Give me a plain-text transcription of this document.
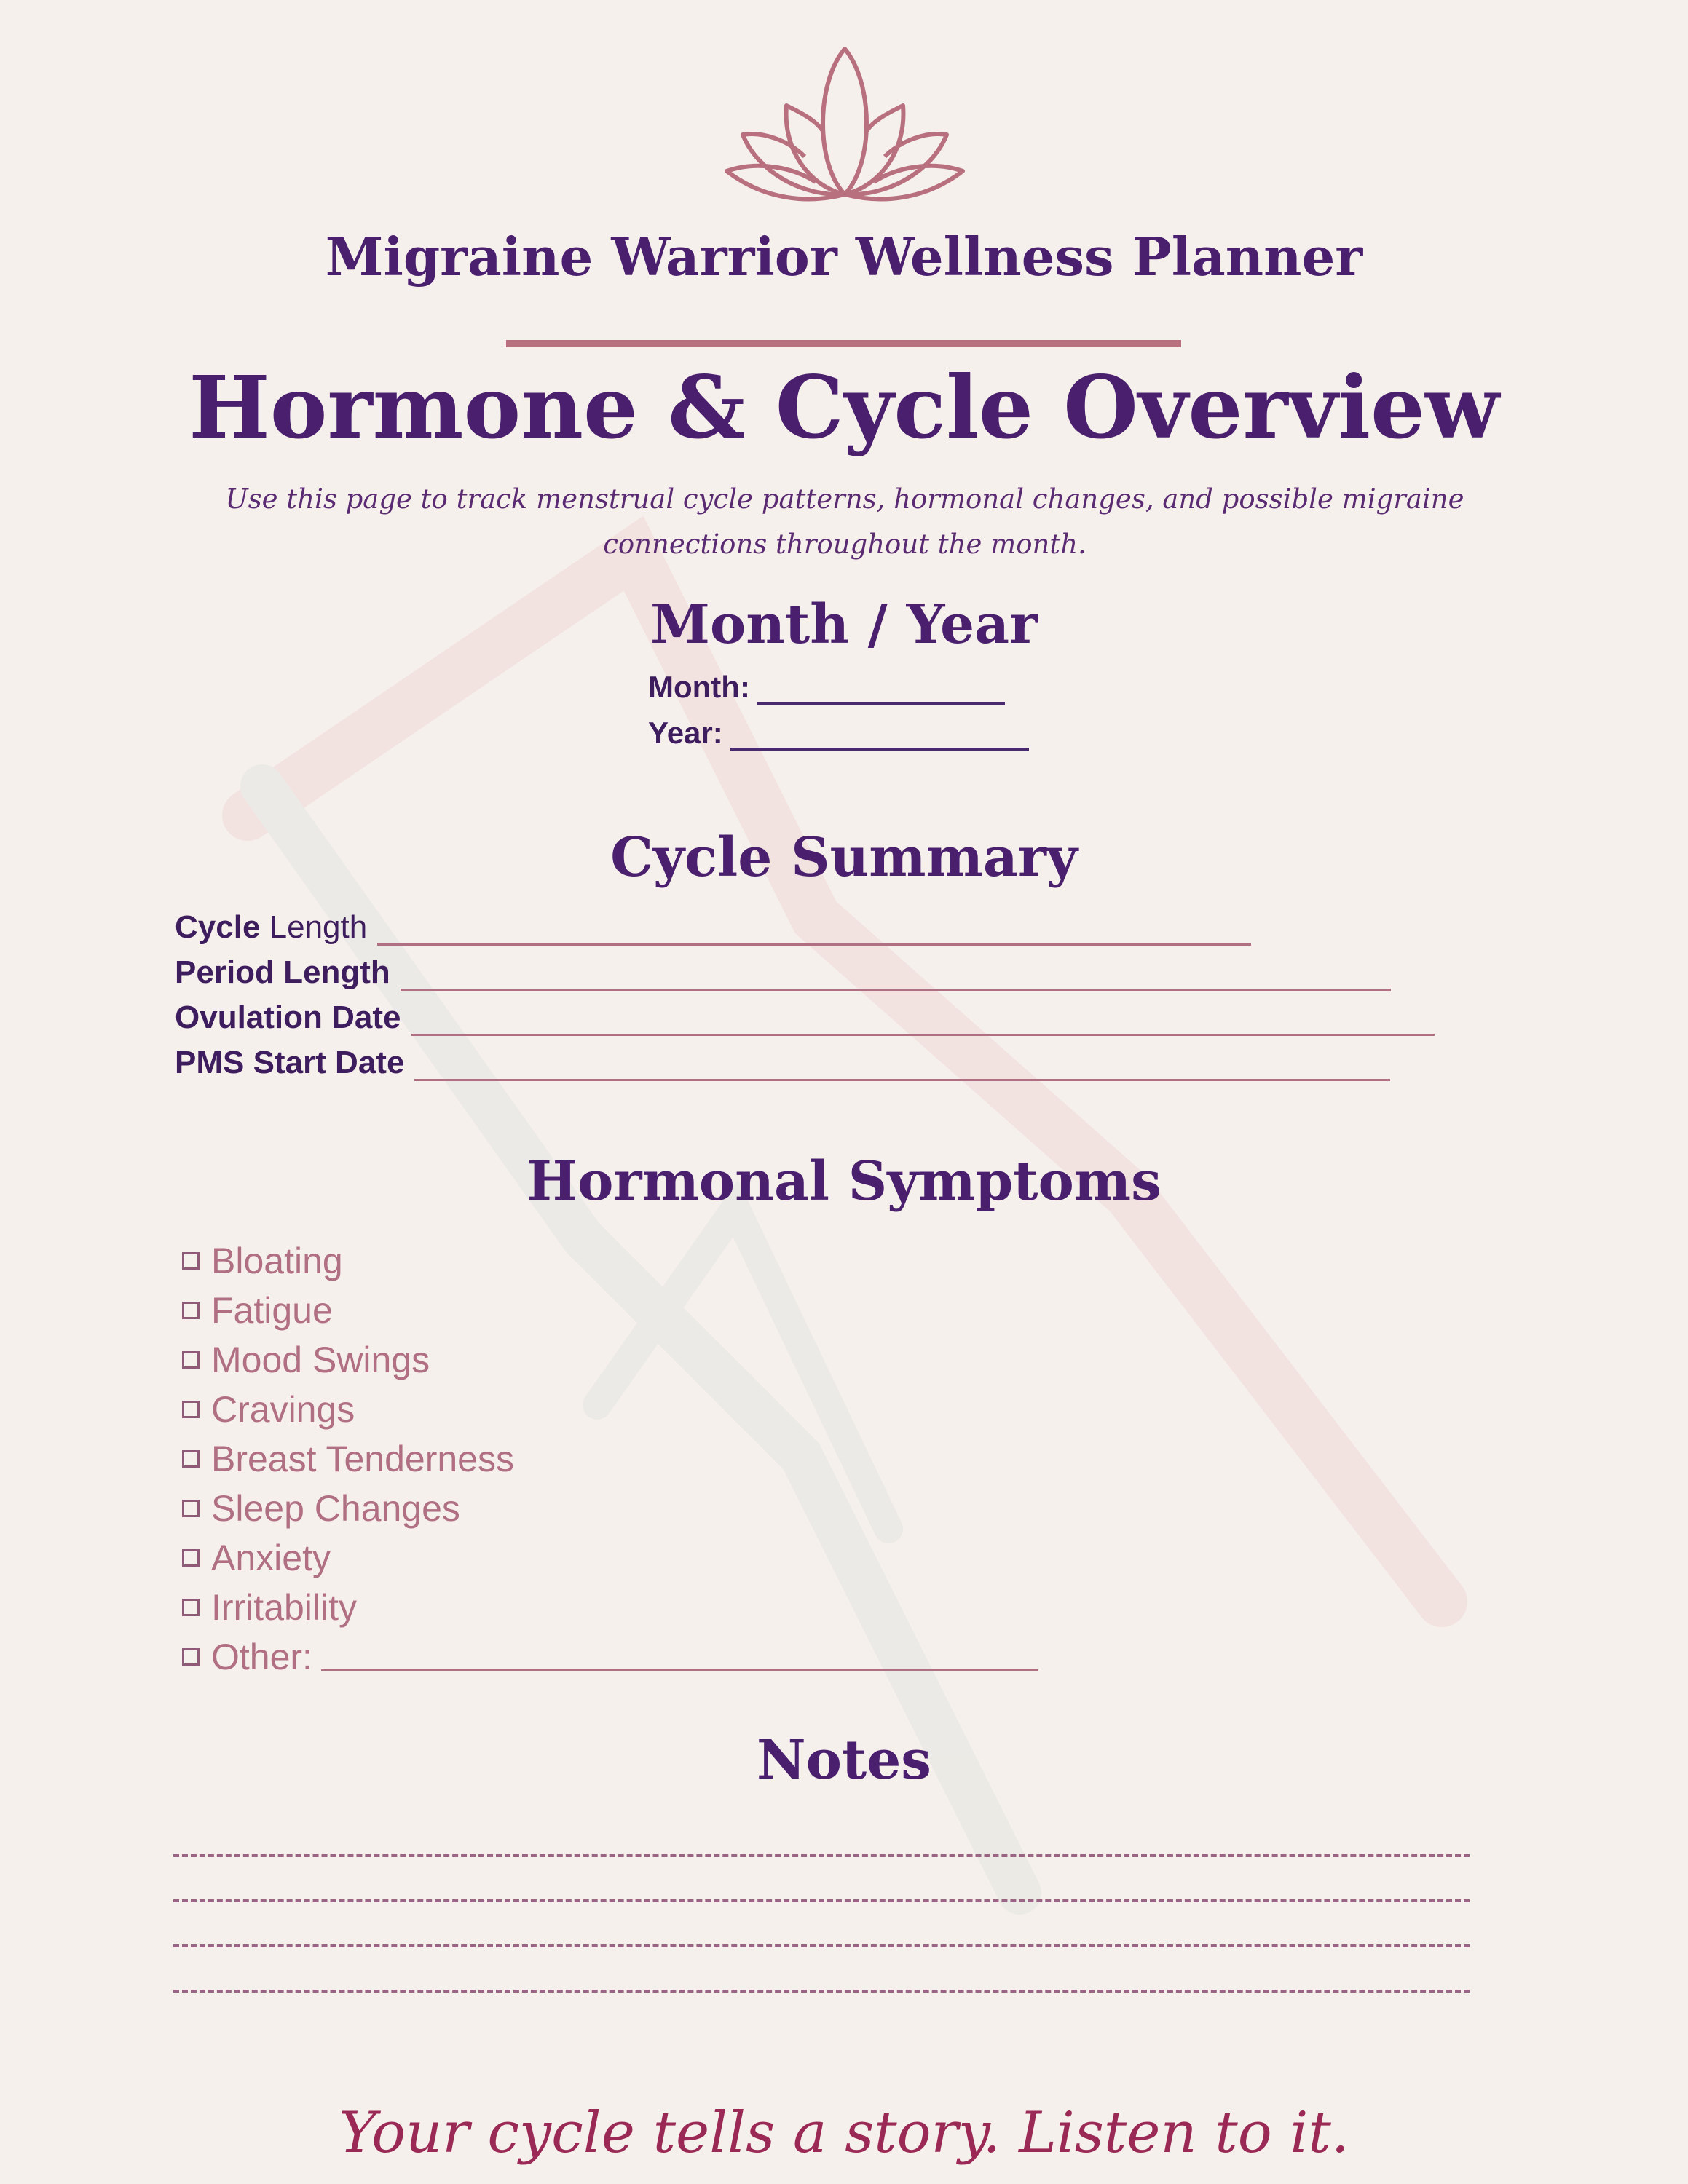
Migraine Warrior Wellness Planner
Hormone & Cycle Overview
Use this page to track menstrual cycle patterns, hormonal changes, and possible migraine connections throughout the month.
Month / Year
Month:
Year:
Cycle Summary
Cycle Length
Period Length
Ovulation Date
PMS Start Date
Hormonal Symptoms
Bloating
Fatigue
Mood Swings
Cravings
Breast Tenderness
Sleep Changes
Anxiety
Irritability
Other:
Notes
Your cycle tells a story. Listen to it.
